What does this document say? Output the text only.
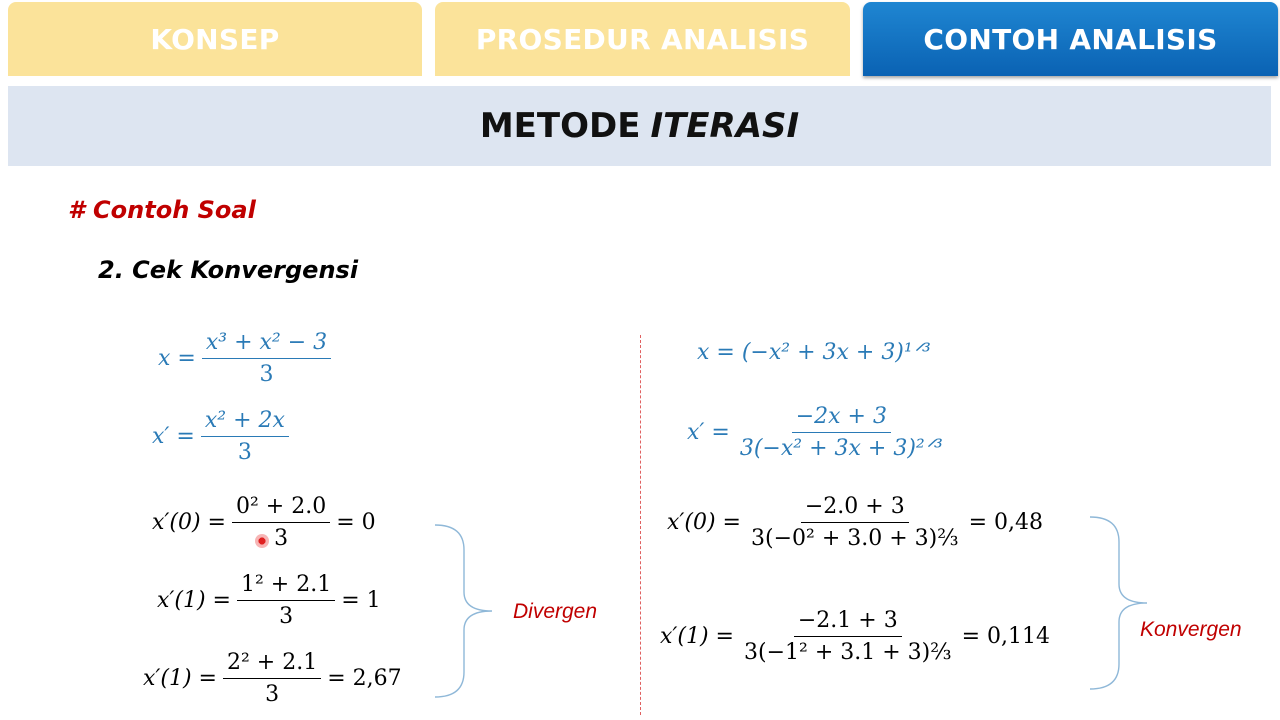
KONSEP	PROSEDUR ANALISIS	CONTOH ANALISIS
METODE ITERASI
# Contoh Soal
2. Cek Konvergensi
$x = \frac{\text{x³ + x² − 3}}{3}$
$x' = \frac{\text{x² + 2x}}{3}$
$x'(0) = \frac{\text{0² + 2.0}}{3} = 0$
$x'(1) = \frac{\text{1² + 2.1}}{3} = 1$
$x'(1) = \frac{\text{2² + 2.1}}{3} = 2,67$
Divergen
x = (−x² + 3x + 3)¹ᐟ³
$x' = \frac{-2x + 3}{\text{3(−x² + 3x + 3)²ᐟ³}}$
$x'(0) = \frac{-2.0 + 3}{\text{3(−0² + 3.0 + 3)⅔}} = 0,48$
$x'(1) = \frac{-2.1 + 3}{\text{3(−1² + 3.1 + 3)⅔}} = 0,114$	Konvergen
